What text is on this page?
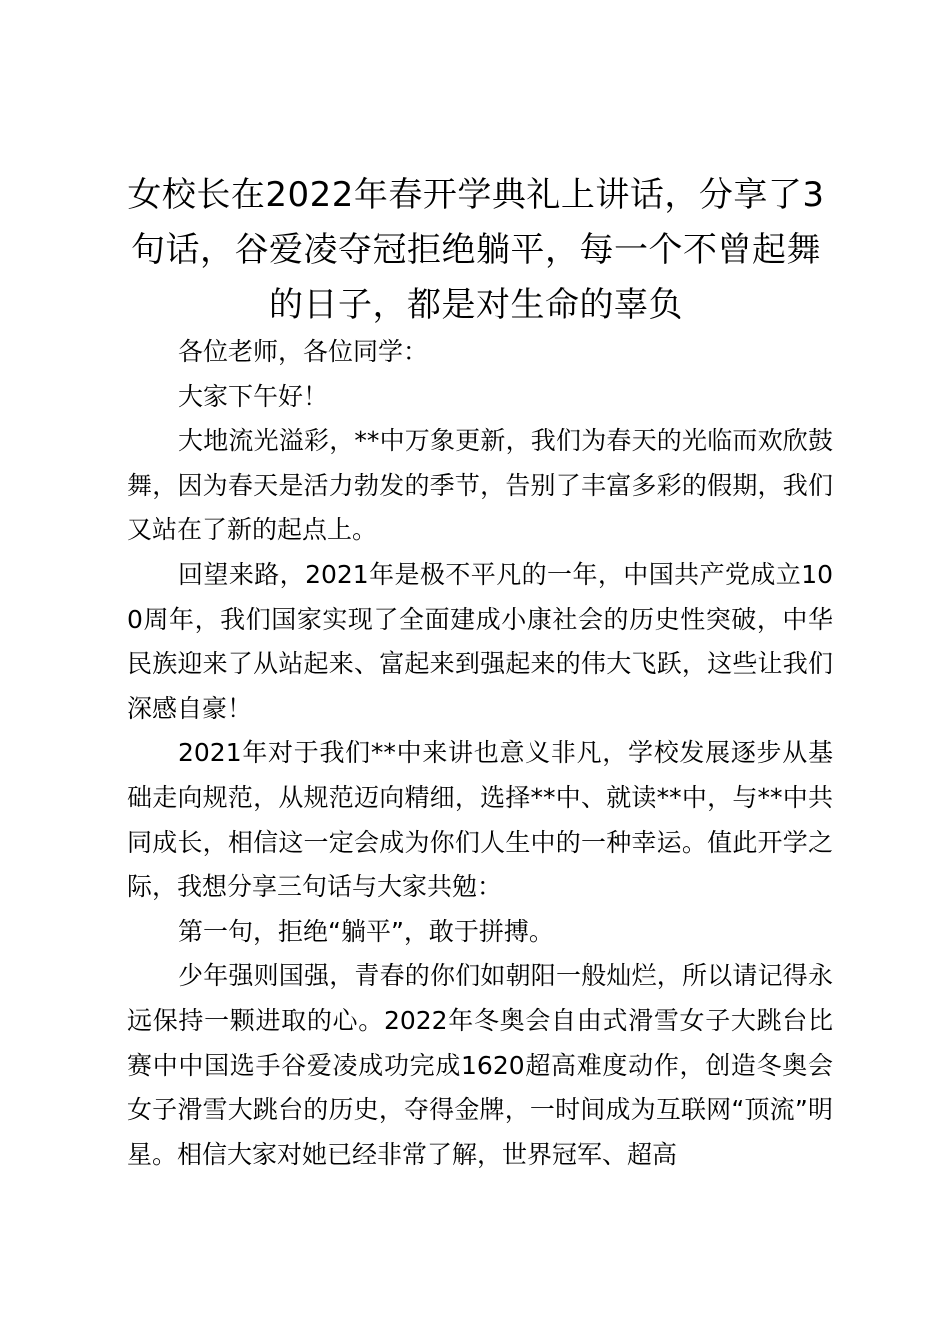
女校长在2022年春开学典礼上讲话，分享了3句话，谷爱凌夺冠拒绝躺平，每一个不曾起舞的日子，都是对生命的辜负

各位老师，各位同学：

大家下午好！

大地流光溢彩，**中万象更新，我们为春天的光临而欢欣鼓舞，因为春天是活力勃发的季节，告别了丰富多彩的假期，我们又站在了新的起点上。

回望来路，2021年是极不平凡的一年，中国共产党成立100周年，我们国家实现了全面建成小康社会的历史性突破，中华民族迎来了从站起来、富起来到强起来的伟大飞跃，这些让我们深感自豪！

2021年对于我们**中来讲也意义非凡，学校发展逐步从基础走向规范，从规范迈向精细，选择**中、就读**中，与**中共同成长，相信这一定会成为你们人生中的一种幸运。值此开学之际，我想分享三句话与大家共勉：

第一句，拒绝“躺平”，敢于拼搏。

少年强则国强，青春的你们如朝阳一般灿烂，所以请记得永远保持一颗进取的心。2022年冬奥会自由式滑雪女子大跳台比赛中中国选手谷爱凌成功完成1620超高难度动作，创造冬奥会女子滑雪大跳台的历史，夺得金牌，一时间成为互联网“顶流”明星。相信大家对她已经非常了解，世界冠军、超高
